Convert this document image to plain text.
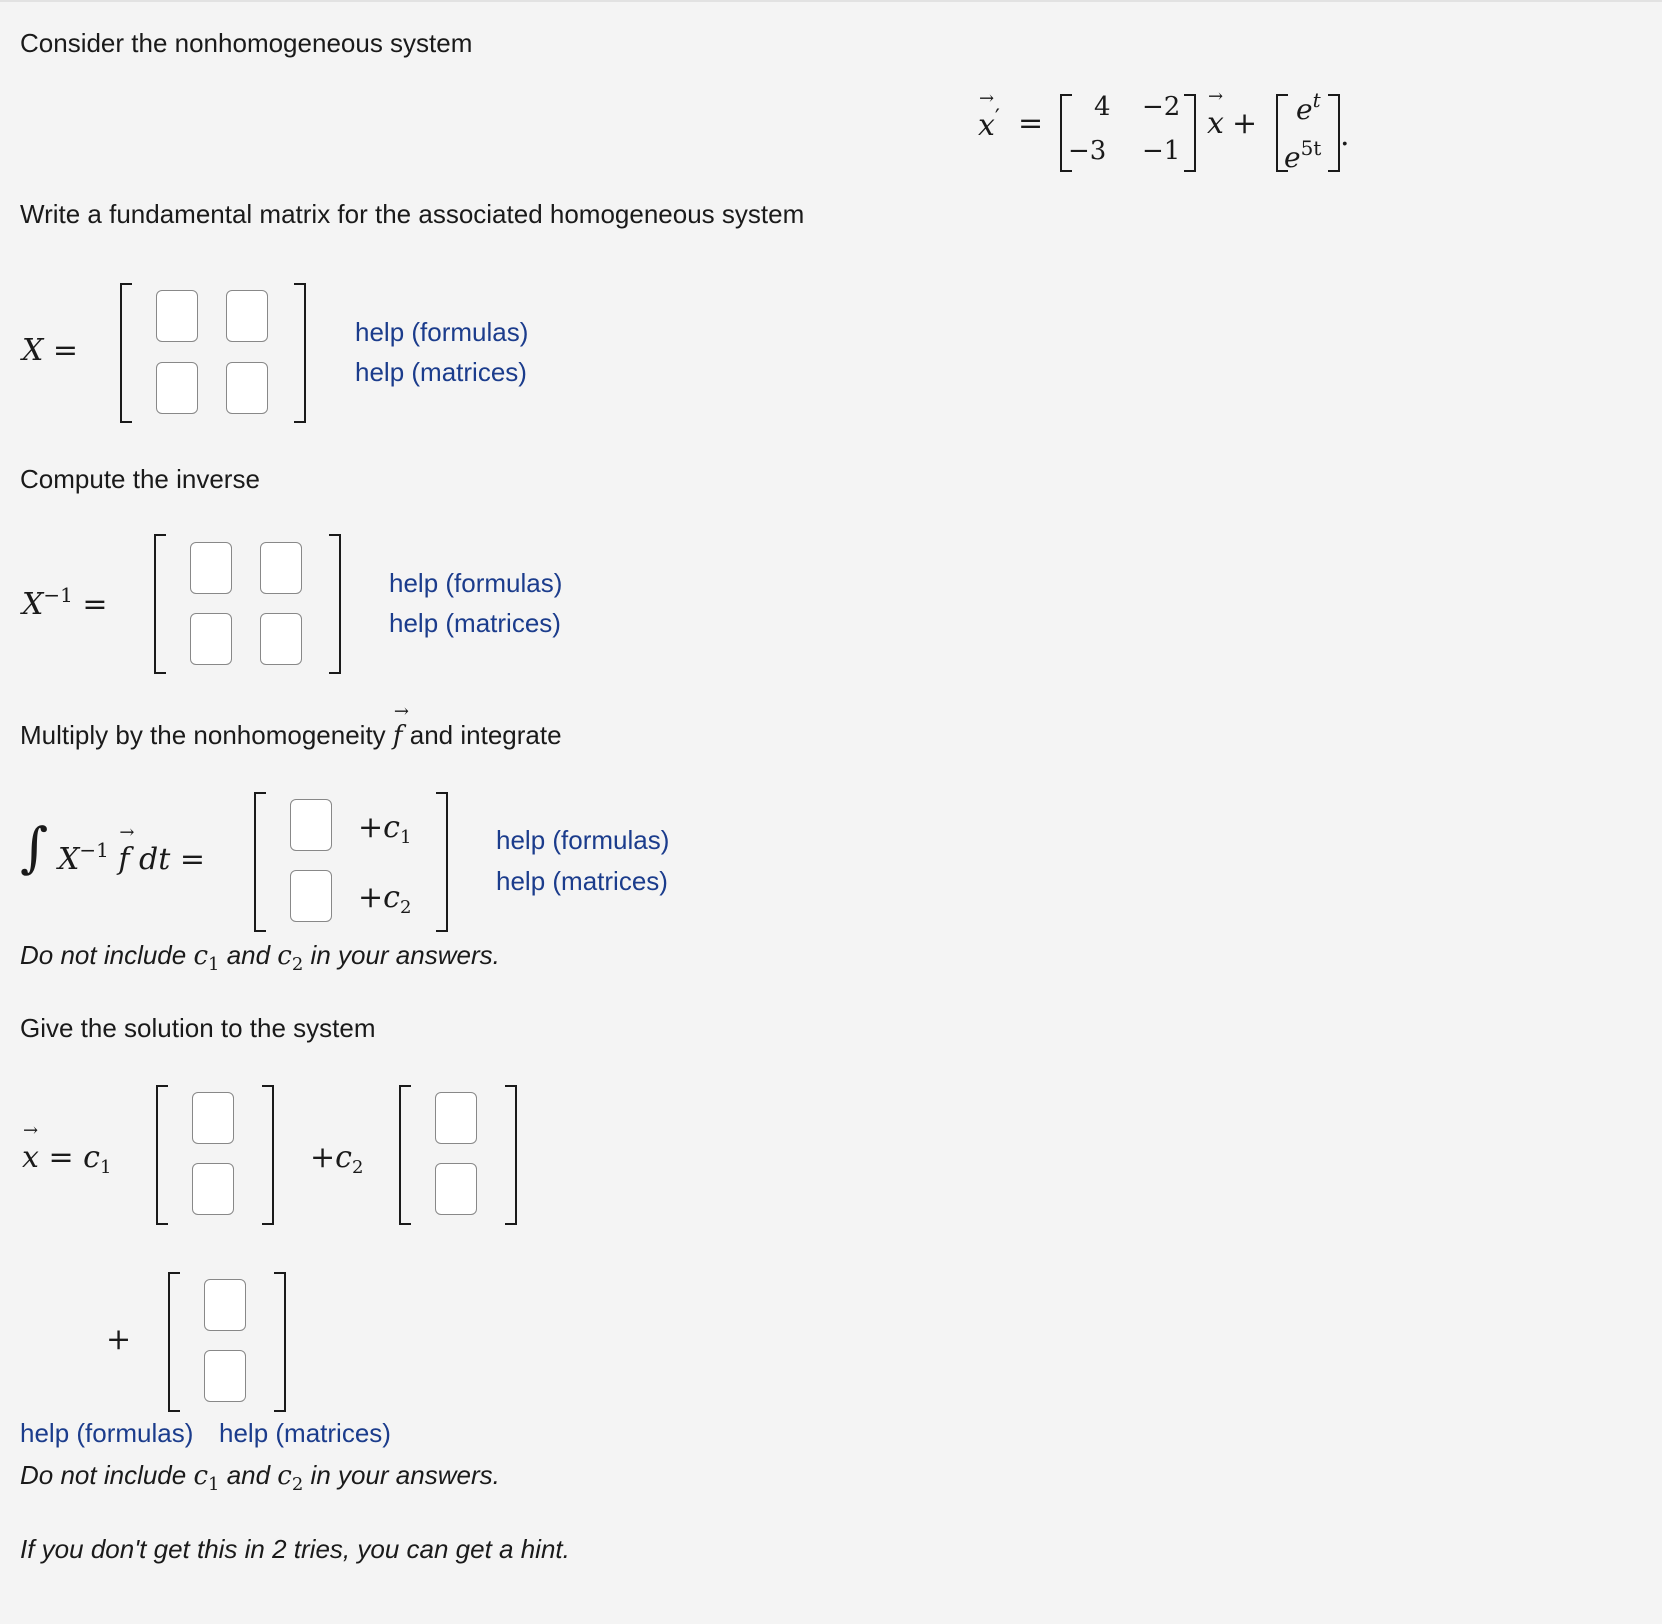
Consider the nonhomogeneous system
→ x′ = 4 −2
−3 −1
→ $x + e^t$
$e^{5t}$ .
Write a fundamental matrix for the associated homogeneous system
X =
help (formulas)
help (matrices)
Compute the inverse
$X^{-1}$ =
help (formulas)
help (matrices)
Multiply by the nonhomogeneity → f and integrate
∫ $X^{-1} \to f$ dt =
$+c_1$
$+c_2$
help (formulas)
help (matrices)
Do not include $c_1$ and $c_2$ in your answers.
Give the solution to the system
→ $x = c_1$	$+c_2$
+
help (formulas) help (matrices)
Do not include $c_1$ and $c_2$ in your answers.
If you don't get this in 2 tries, you can get a hint.
